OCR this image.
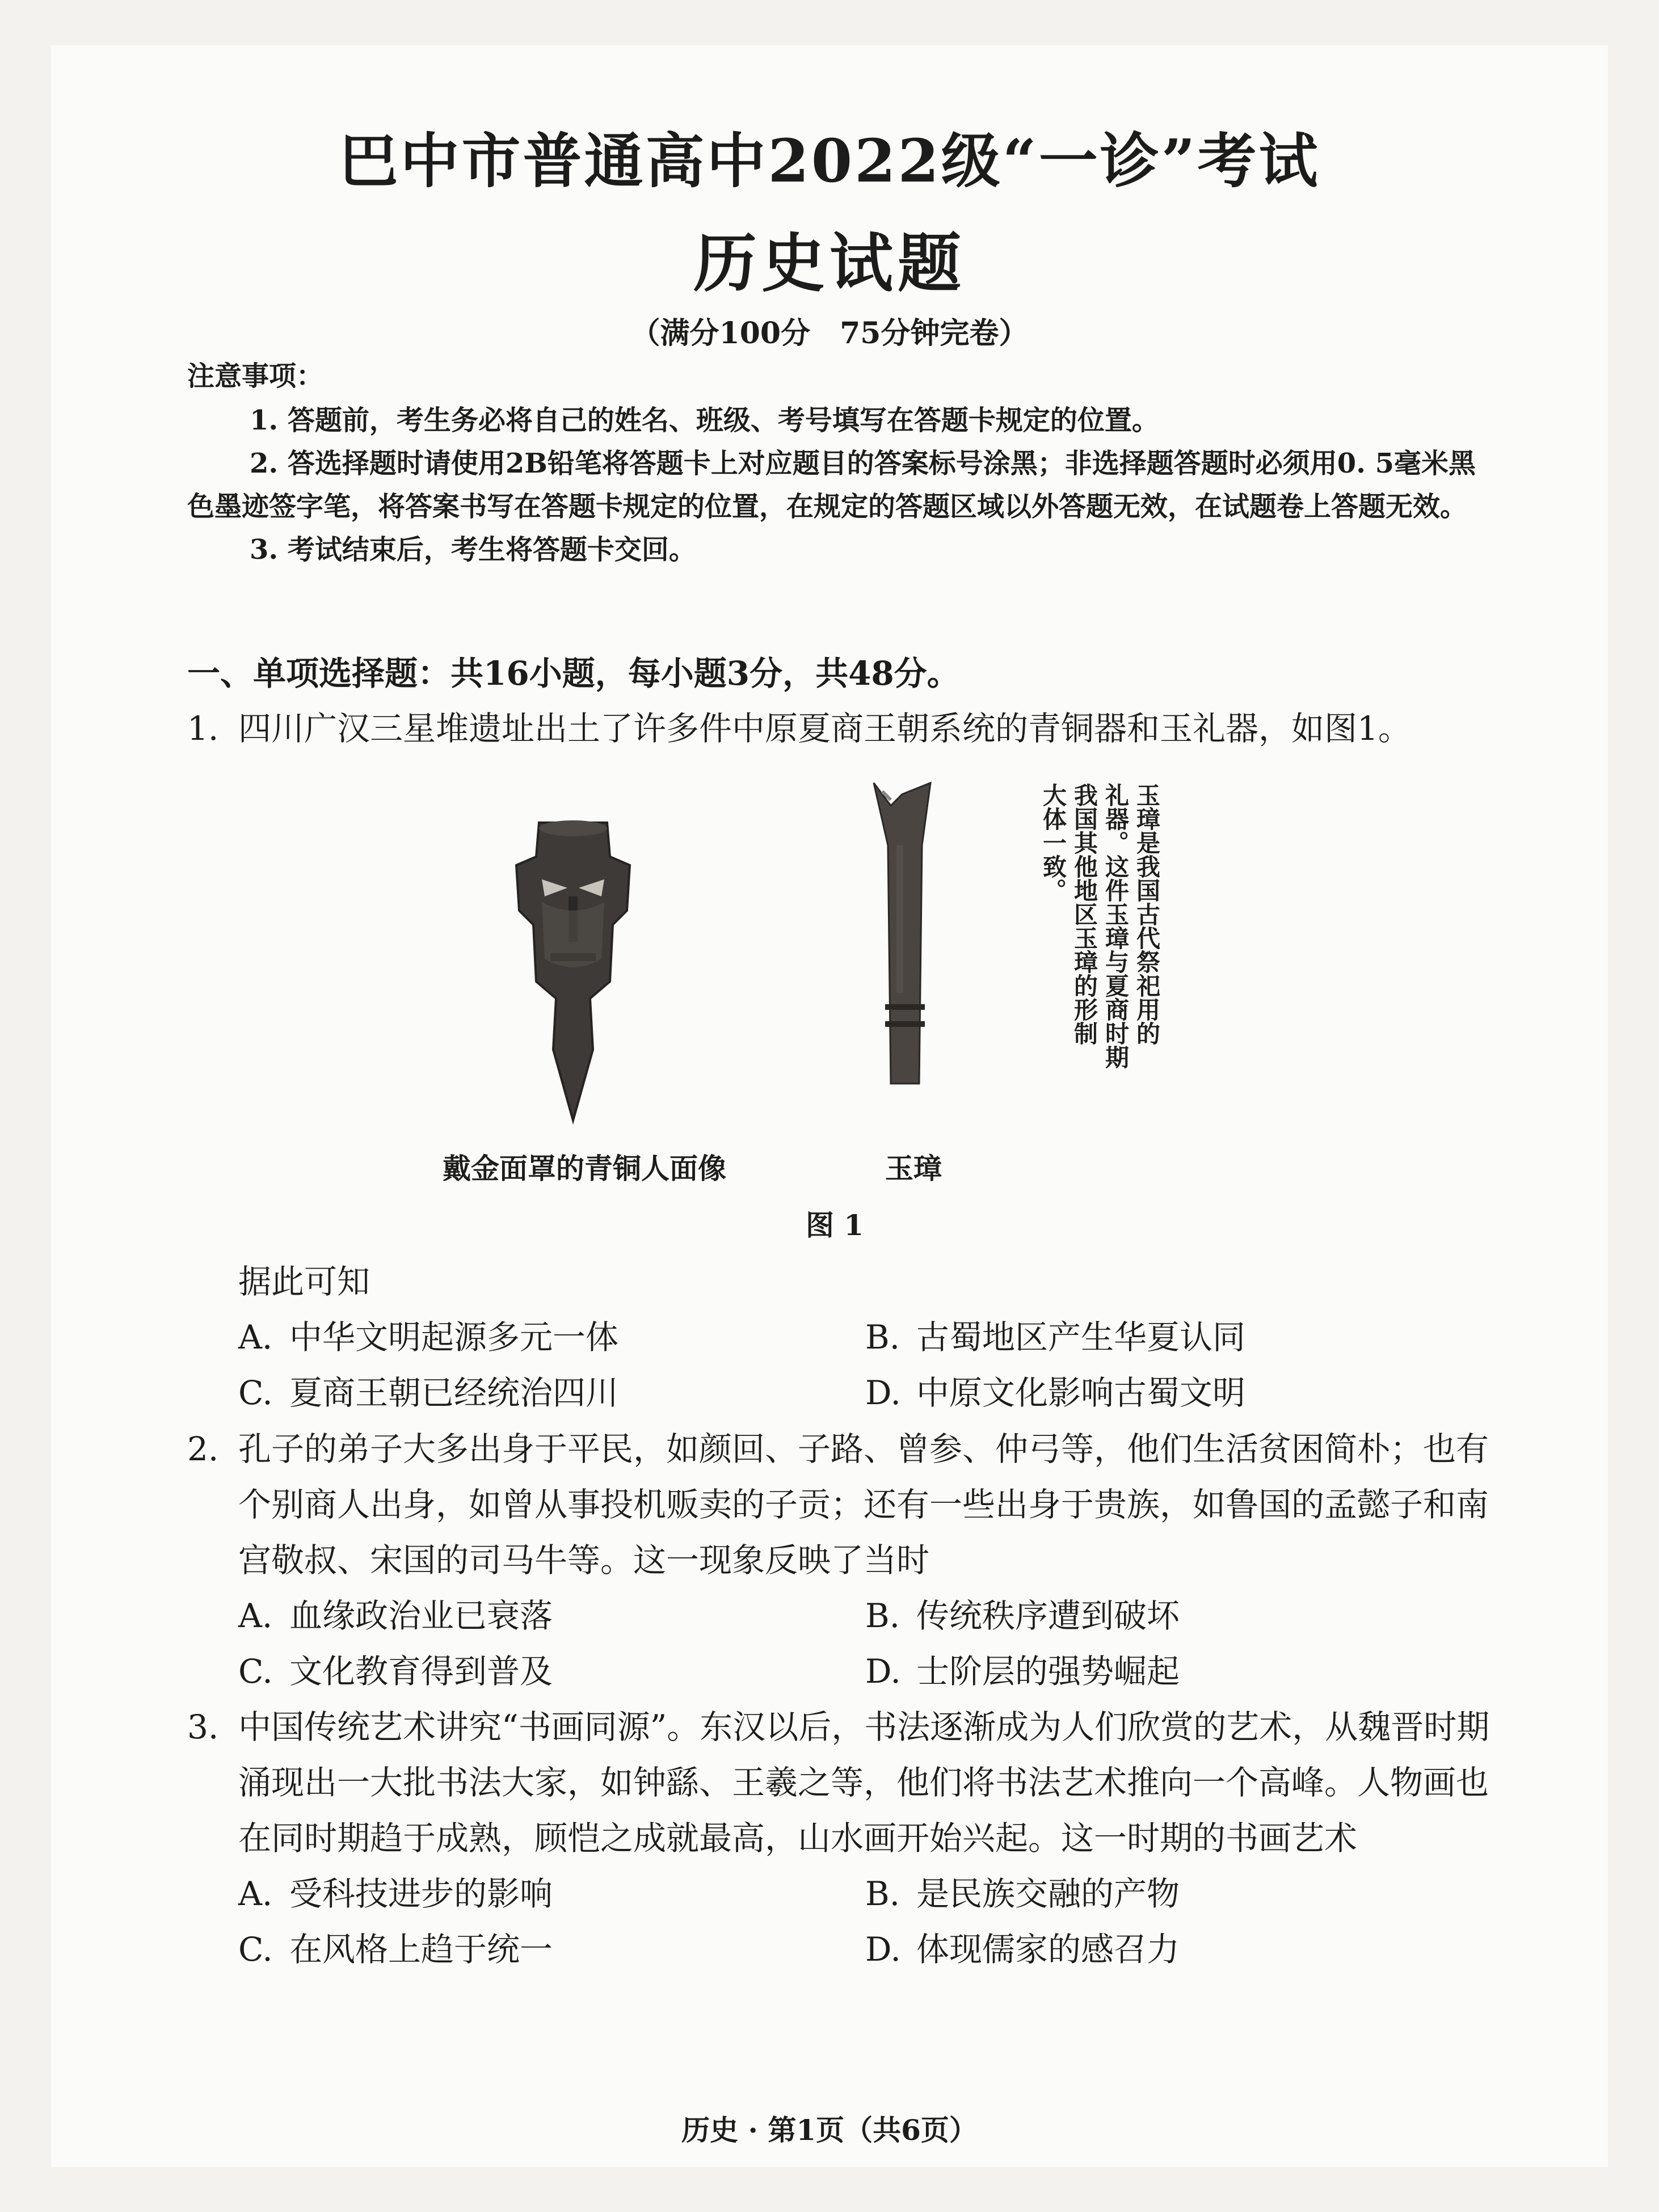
巴中市普通高中2022级“一诊”考试
历史试题
（满分100分　75分钟完卷）
注意事项：
1. 答题前，考生务必将自己的姓名、班级、考号填写在答题卡规定的位置。
2. 答选择题时请使用2B铅笔将答题卡上对应题目的答案标号涂黑；非选择题答题时必须用0. 5毫米黑色墨迹签字笔，将答案书写在答题卡规定的位置，在规定的答题区域以外答题无效，在试题卷上答题无效。
3. 考试结束后，考生将答题卡交回。
一、单项选择题：共16小题，每小题3分，共48分。
1. 四川广汉三星堆遗址出土了许多件中原夏商王朝系统的青铜器和玉礼器，如图1。
玉璋是我国古代祭祀用的
礼器。这件玉璋与夏商时期
我国其他地区玉璋的形制
大体一致。
戴金面罩的青铜人面像	玉璋
图 1
据此可知
A. 中华文明起源多元一体	B. 古蜀地区产生华夏认同
C. 夏商王朝已经统治四川	D. 中原文化影响古蜀文明
2. 孔子的弟子大多出身于平民，如颜回、子路、曾参、仲弓等，他们生活贫困简朴；也有个别商人出身，如曾从事投机贩卖的子贡；还有一些出身于贵族，如鲁国的孟懿子和南宫敬叔、宋国的司马牛等。这一现象反映了当时
A. 血缘政治业已衰落	B. 传统秩序遭到破坏
C. 文化教育得到普及	D. 士阶层的强势崛起
3. 中国传统艺术讲究“书画同源”。东汉以后，书法逐渐成为人们欣赏的艺术，从魏晋时期涌现出一大批书法大家，如钟繇、王羲之等，他们将书法艺术推向一个高峰。人物画也在同时期趋于成熟，顾恺之成就最高，山水画开始兴起。这一时期的书画艺术
A. 受科技进步的影响	B. 是民族交融的产物
C. 在风格上趋于统一	D. 体现儒家的感召力
历史 · 第1页（共6页）
